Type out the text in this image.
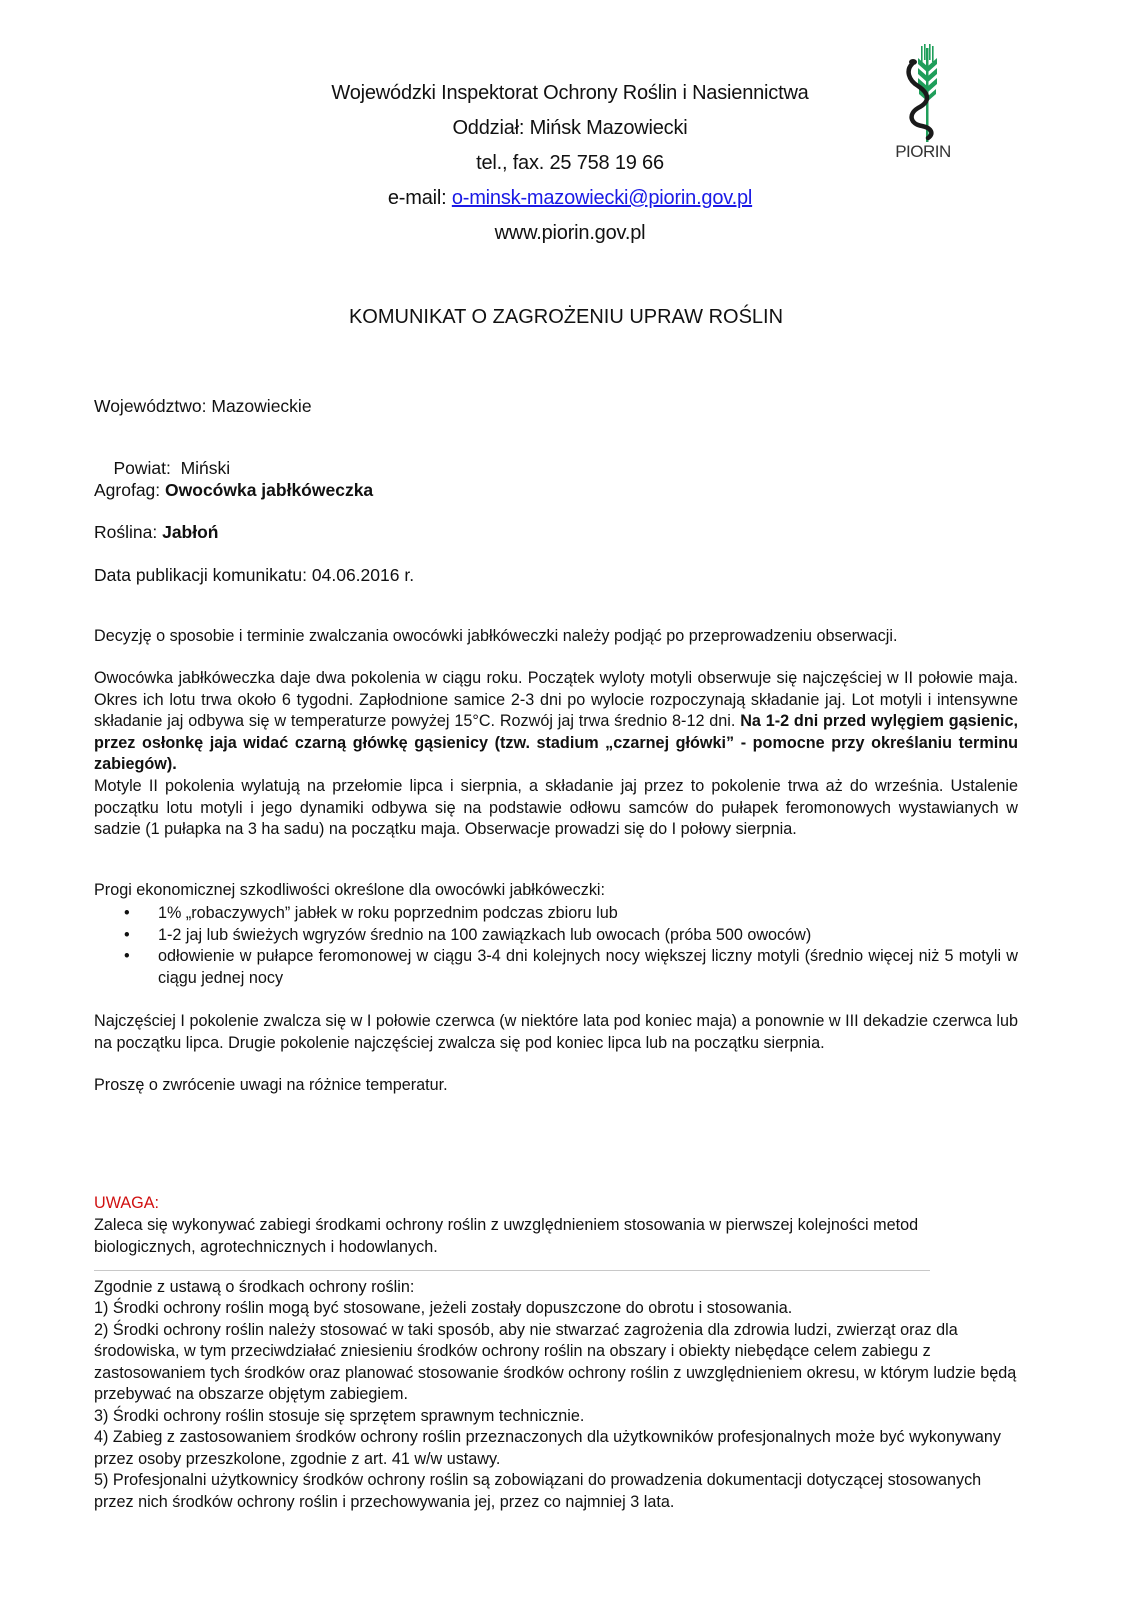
Wojewódzki Inspektorat Ochrony Roślin i Nasiennictwa
Oddział: Mińsk Mazowiecki
tel., fax. 25 758 19 66
e-mail: o-minsk-mazowiecki@piorin.gov.pl
www.piorin.gov.pl
PIORIN
KOMUNIKAT O ZAGROŻENIU UPRAW ROŚLIN
Województwo: Mazowieckie

Powiat:  Miński

Agrofag: Owocówka jabłkóweczka
Roślina: Jabłoń
Data publikacji komunikatu: 04.06.2016 r.
Decyzję o sposobie i terminie zwalczania owocówki jabłkóweczki należy podjąć po przeprowadzeniu obserwacji.
Owocówka jabłkóweczka daje dwa pokolenia w ciągu roku. Początek wyloty motyli obserwuje się najczęściej w II połowie maja. Okres ich lotu trwa około 6 tygodni. Zapłodnione samice 2-3 dni po wylocie rozpoczynają składanie jaj. Lot motyli i intensywne składanie jaj odbywa się w temperaturze powyżej 15°C. Rozwój jaj trwa średnio 8-12 dni. Na 1-2 dni przed wylęgiem gąsienic, przez osłonkę jaja widać czarną główkę gąsienicy (tzw. stadium „czarnej główki” - pomocne przy określaniu terminu zabiegów).
Motyle II pokolenia wylatują na przełomie lipca i sierpnia, a składanie jaj przez to pokolenie trwa aż do września. Ustalenie początku lotu motyli i jego dynamiki odbywa się na podstawie odłowu samców do pułapek feromonowych wystawianych w sadzie (1 pułapka na 3 ha sadu) na początku maja. Obserwacje prowadzi się do I połowy sierpnia.
Progi ekonomicznej szkodliwości określone dla owocówki jabłkóweczki:
• 1% „robaczywych” jabłek w roku poprzednim podczas zbioru lub
• 1-2 jaj lub świeżych wgryzów średnio na 100 zawiązkach lub owocach (próba 500 owoców)
• odłowienie w pułapce feromonowej w ciągu 3-4 dni kolejnych nocy większej liczny motyli (średnio więcej niż 5 motyli w ciągu jednej nocy
Najczęściej I pokolenie zwalcza się w I połowie czerwca (w niektóre lata pod koniec maja) a ponownie w III dekadzie czerwca lub na początku lipca. Drugie pokolenie najczęściej zwalcza się pod koniec lipca lub na początku sierpnia.
Proszę o zwrócenie uwagi na różnice temperatur.
UWAGA:
Zaleca się wykonywać zabiegi środkami ochrony roślin z uwzględnieniem stosowania w pierwszej kolejności metod biologicznych, agrotechnicznych i hodowlanych.
Zgodnie z ustawą o środkach ochrony roślin:
1) Środki ochrony roślin mogą być stosowane, jeżeli zostały dopuszczone do obrotu i stosowania.
2) Środki ochrony roślin należy stosować w taki sposób, aby nie stwarzać zagrożenia dla zdrowia ludzi, zwierząt oraz dla środowiska, w tym przeciwdziałać zniesieniu środków ochrony roślin na obszary i obiekty niebędące celem zabiegu z zastosowaniem tych środków oraz planować stosowanie środków ochrony roślin z uwzględnieniem okresu, w którym ludzie będą przebywać na obszarze objętym zabiegiem.
3) Środki ochrony roślin stosuje się sprzętem sprawnym technicznie.
4) Zabieg z zastosowaniem środków ochrony roślin przeznaczonych dla użytkowników profesjonalnych może być wykonywany przez osoby przeszkolone, zgodnie z art. 41 w/w ustawy.
5) Profesjonalni użytkownicy środków ochrony roślin są zobowiązani do prowadzenia dokumentacji dotyczącej stosowanych przez nich środków ochrony roślin i przechowywania jej, przez co najmniej 3 lata.
